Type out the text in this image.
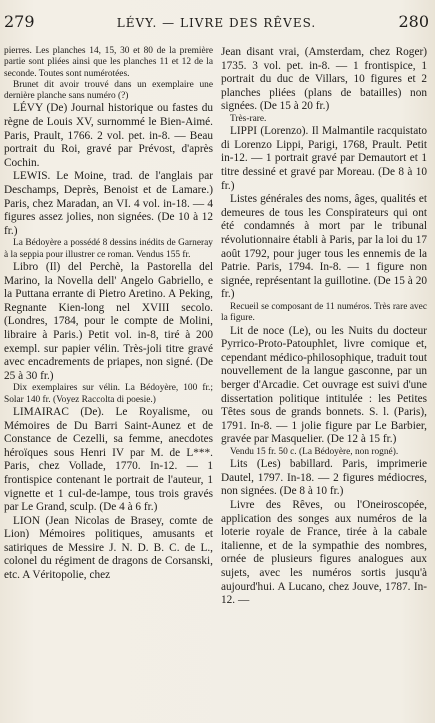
279	LÉVY. — LIVRE DES RÊVES.	280

pierres. Les planches 14, 15, 30 et 80 de la première partie sont pliées ainsi que les planches 11 et 12 de la seconde. Toutes sont numérotées.

Brunet dit avoir trouvé dans un exemplaire une dernière planche sans numéro (?)

LÉVY (De) Journal historique ou fastes du règne de Louis XV, surnommé le Bien-Aimé. Paris, Prault, 1766. 2 vol. pet. in-8. — Beau portrait du Roi, gravé par Prévost, d'après Cochin.

LEWIS. Le Moine, trad. de l'anglais par Deschamps, Deprès, Benoist et de Lamare.) Paris, chez Maradan, an VI. 4 vol. in-18. — 4 figures assez jolies, non signées. (De 10 à 12 fr.)

La Bédoyère a possédé 8 dessins inédits de Garneray à la seppia pour illustrer ce roman. Vendus 155 fr.

Libro (Il) del Perchè, la Pastorella del Marino, la Novella dell' Angelo Gabriello, e la Puttana errante di Pietro Aretino. A Peking, Regnante Kien-long nel XVIII secolo. (Londres, 1784, pour le compte de Molini, libraire à Paris.) Petit vol. in-8, tiré à 200 exempl. sur papier vélin. Très-joli titre gravé avec encadrements de priapes, non signé. (De 25 à 30 fr.)

Dix exemplaires sur vélin. La Bédoyère, 100 fr.; Solar 140 fr. (Voyez Raccolta di poesie.)

LIMAIRAC (De). Le Royalisme, ou Mémoires de Du Barri Saint-Aunez et de Constance de Cezelli, sa femme, anecdotes héroïques sous Henri IV par M. de L***. Paris, chez Vollade, 1770. In-12. — 1 frontispice contenant le portrait de l'auteur, 1 vignette et 1 cul-de-lampe, tous trois gravés par Le Grand, sculp. (De 4 à 6 fr.)

LION (Jean Nicolas de Brasey, comte de Lion) Mémoires politiques, amusants et satiriques de Messire J. N. D. B. C. de L., colonel du régiment de dragons de Corsanski, etc. A Véritopolie, chez

Jean disant vrai, (Amsterdam, chez Roger) 1735. 3 vol. pet. in-8. — 1 frontispice, 1 portrait du duc de Villars, 10 figures et 2 planches pliées (plans de batailles) non signées. (De 15 à 20 fr.)

Très-rare.

LIPPI (Lorenzo). Il Malmantile racquistato di Lorenzo Lippi, Parigi, 1768, Prault. Petit in-12. — 1 portrait gravé par Demautort et 1 titre dessiné et gravé par Moreau. (De 8 à 10 fr.)

Listes générales des noms, âges, qualités et demeures de tous les Conspirateurs qui ont été condamnés à mort par le tribunal révolutionnaire établi à Paris, par la loi du 17 août 1792, pour juger tous les ennemis de la Patrie. Paris, 1794. In-8. — 1 figure non signée, représentant la guillotine. (De 15 à 20 fr.)

Recueil se composant de 11 numéros. Très rare avec la figure.

Lit de noce (Le), ou les Nuits du docteur Pyrrico-Proto-Patouphlet, livre comique et, cependant médico-philosophique, traduit tout nouvellement de la langue gasconne, par un berger d'Arcadie. Cet ouvrage est suivi d'une dissertation politique intitulée : les Petites Têtes sous de grands bonnets. S. l. (Paris), 1791. In-8. — 1 jolie figure par Le Barbier, gravée par Masquelier. (De 12 à 15 fr.)

Vendu 15 fr. 50 c. (La Bédoyère, non rogné).

Lits (Les) babillard. Paris, imprimerie Dautel, 1797. In-18. — 2 figures médiocres, non signées. (De 8 à 10 fr.)

Livre des Rêves, ou l'Oneiroscopée, application des songes aux numéros de la loterie royale de France, tirée à la cabale italienne, et de la sympathie des nombres, ornée de plusieurs figures analogues aux sujets, avec les numéros sortis jusqu'à aujourd'hui. A Lucano, chez Jouve, 1787. In-12. —
